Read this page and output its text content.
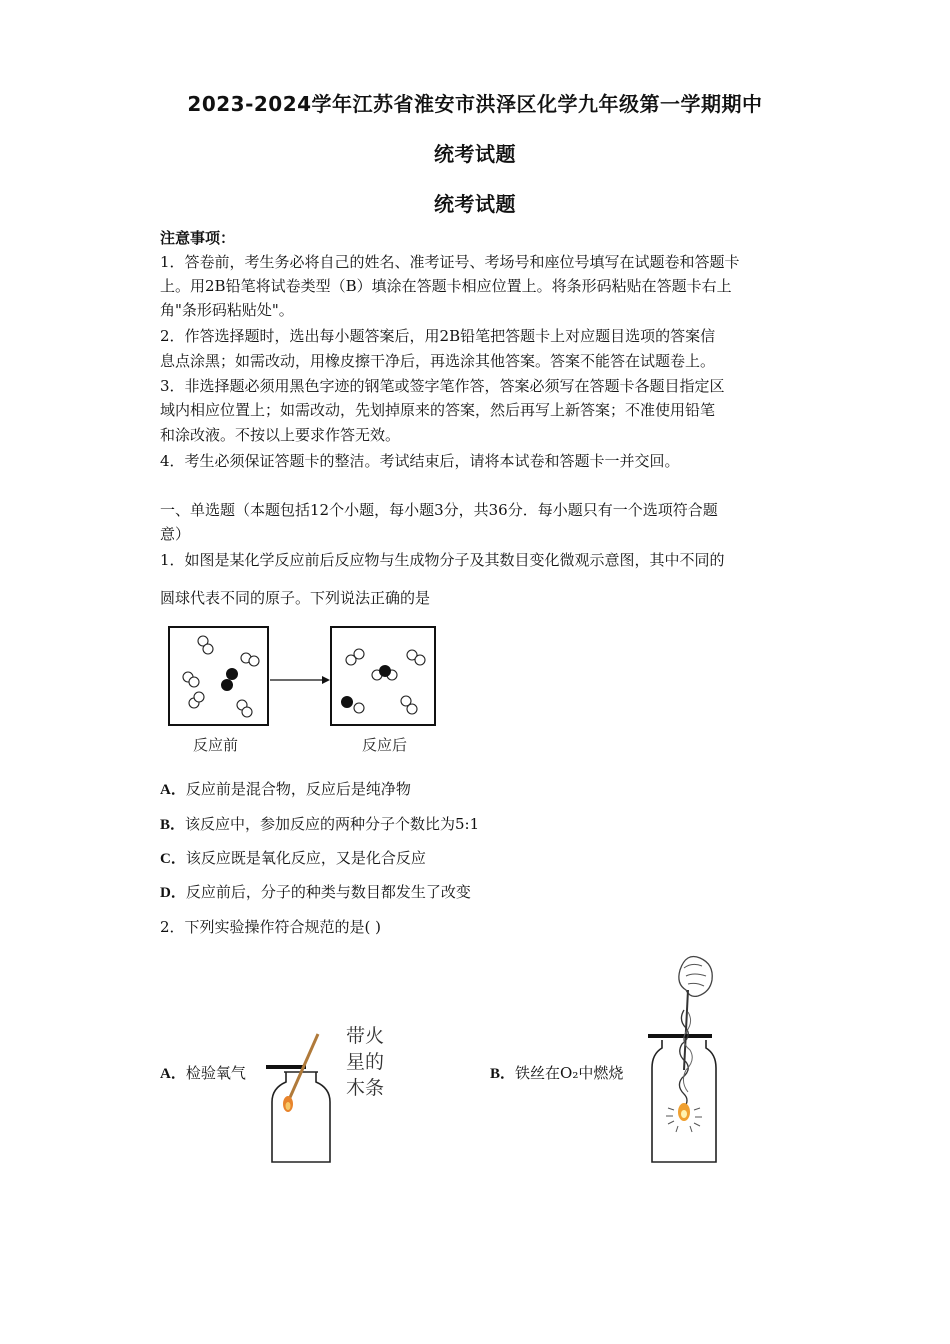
2023-2024学年江苏省淮安市洪泽区化学九年级第一学期期中
统考试题
统考试题
注意事项：
1．答卷前，考生务必将自己的姓名、准考证号、考场号和座位号填写在试题卷和答题卡
上。用2B铅笔将试卷类型（B）填涂在答题卡相应位置上。将条形码粘贴在答题卡右上
角"条形码粘贴处"。
2．作答选择题时，选出每小题答案后，用2B铅笔把答题卡上对应题目选项的答案信
息点涂黑；如需改动，用橡皮擦干净后，再选涂其他答案。答案不能答在试题卷上。
3．非选择题必须用黑色字迹的钢笔或签字笔作答，答案必须写在答题卡各题目指定区
域内相应位置上；如需改动，先划掉原来的答案，然后再写上新答案；不准使用铅笔
和涂改液。不按以上要求作答无效。
4．考生必须保证答题卡的整洁。考试结束后，请将本试卷和答题卡一并交回。
一、单选题（本题包括12个小题，每小题3分，共36分．每小题只有一个选项符合题
意）
1．如图是某化学反应前后反应物与生成物分子及其数目变化微观示意图，其中不同的
圆球代表不同的原子。下列说法正确的是
反应前	反应后
A．反应前是混合物，反应后是纯净物
B．该反应中，参加反应的两种分子个数比为5:1
C．该反应既是氧化反应，又是化合反应
D．反应前后，分子的种类与数目都发生了改变
2．下列实验操作符合规范的是( )
A．检验氧气	B．铁丝在O₂中燃烧
带火
星的
木条
